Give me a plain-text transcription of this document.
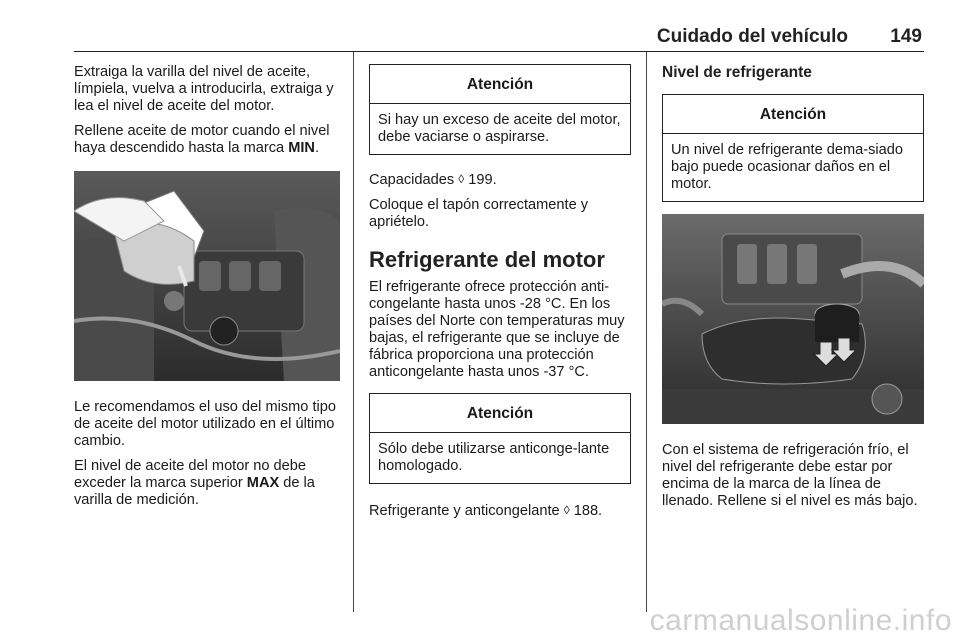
Cuidado del vehículo 149

Extraiga la varilla del nivel de aceite, límpiela, vuelva a introducirla, extraiga y lea el nivel de aceite del motor.

Rellene aceite de motor cuando el nivel haya descendido hasta la marca MIN.

Le recomendamos el uso del mismo tipo de aceite del motor utilizado en el último cambio.

El nivel de aceite del motor no debe exceder la marca superior MAX de la varilla de medición.

Atención
Si hay un exceso de aceite del motor, debe vaciarse o aspirarse.

Capacidades ◊ 199.

Coloque el tapón correctamente y apriételo.

Refrigerante del motor

El refrigerante ofrece protección anti-congelante hasta unos -28 °C. En los países del Norte con temperaturas muy bajas, el refrigerante que se incluye de fábrica proporciona una protección anticongelante hasta unos -37 °C.

Atención
Sólo debe utilizarse anticonge-lante homologado.

Refrigerante y anticongelante ◊ 188.

Nivel de refrigerante
Atención
Un nivel de refrigerante dema-siado bajo puede ocasionar daños en el motor.

Con el sistema de refrigeración frío, el nivel del refrigerante debe estar por encima de la marca de la línea de llenado. Rellene si el nivel es más bajo.

carmanualsonline.info
